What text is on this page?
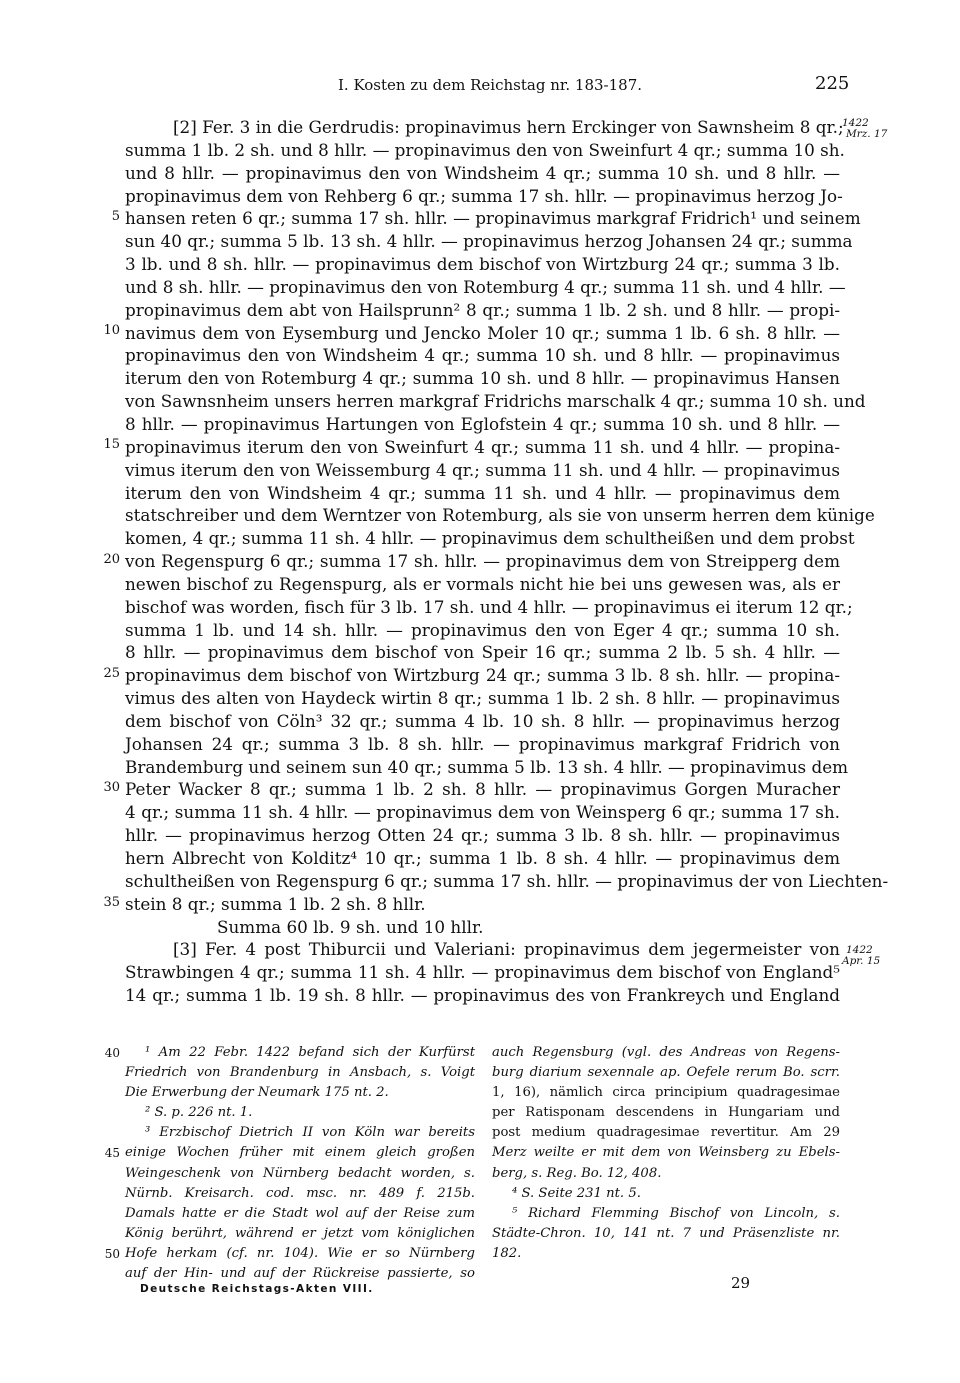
I. Kosten zu dem Reichstag nr. 183-187.	225
1422
Mrz. 17
1422
Apr. 15
5
10
15
20
25
30
35
[2] Fer. 3 in die Gerdrudis: propinavimus hern Erckinger von Sawnsheim 8 qr.;
summa 1 lb. 2 sh. und 8 hllr. — propinavimus den von Sweinfurt 4 qr.; summa 10 sh.
und 8 hllr. — propinavimus den von Windsheim 4 qr.; summa 10 sh. und 8 hllr. —
propinavimus dem von Rehberg 6 qr.; summa 17 sh. hllr. — propinavimus herzog Jo-
hansen reten 6 qr.; summa 17 sh. hllr. — propinavimus markgraf Fridrich¹ und seinem
sun 40 qr.; summa 5 lb. 13 sh. 4 hllr. — propinavimus herzog Johansen 24 qr.; summa
3 lb. und 8 sh. hllr. — propinavimus dem bischof von Wirtzburg 24 qr.; summa 3 lb.
und 8 sh. hllr. — propinavimus den von Rotemburg 4 qr.; summa 11 sh. und 4 hllr. —
propinavimus dem abt von Hailsprunn² 8 qr.; summa 1 lb. 2 sh. und 8 hllr. — propi-
navimus dem von Eysemburg und Jencko Moler 10 qr.; summa 1 lb. 6 sh. 8 hllr. —
propinavimus den von Windsheim 4 qr.; summa 10 sh. und 8 hllr. — propinavimus
iterum den von Rotemburg 4 qr.; summa 10 sh. und 8 hllr. — propinavimus Hansen
von Sawnsnheim unsers herren markgraf Fridrichs marschalk 4 qr.; summa 10 sh. und
8 hllr. — propinavimus Hartungen von Eglofstein 4 qr.; summa 10 sh. und 8 hllr. —
propinavimus iterum den von Sweinfurt 4 qr.; summa 11 sh. und 4 hllr. — propina-
vimus iterum den von Weissemburg 4 qr.; summa 11 sh. und 4 hllr. — propinavimus
iterum den von Windsheim 4 qr.; summa 11 sh. und 4 hllr. — propinavimus dem
statschreiber und dem Werntzer von Rotemburg, als sie von unserm herren dem künige
komen, 4 qr.; summa 11 sh. 4 hllr. — propinavimus dem schultheißen und dem probst
von Regenspurg 6 qr.; summa 17 sh. hllr. — propinavimus dem von Streipperg dem
newen bischof zu Regenspurg, als er vormals nicht hie bei uns gewesen was, als er
bischof was worden, fisch für 3 lb. 17 sh. und 4 hllr. — propinavimus ei iterum 12 qr.;
summa 1 lb. und 14 sh. hllr. — propinavimus den von Eger 4 qr.; summa 10 sh.
8 hllr. — propinavimus dem bischof von Speir 16 qr.; summa 2 lb. 5 sh. 4 hllr. —
propinavimus dem bischof von Wirtzburg 24 qr.; summa 3 lb. 8 sh. hllr. — propina-
vimus des alten von Haydeck wirtin 8 qr.; summa 1 lb. 2 sh. 8 hllr. — propinavimus
dem bischof von Cöln³ 32 qr.; summa 4 lb. 10 sh. 8 hllr. — propinavimus herzog
Johansen 24 qr.; summa 3 lb. 8 sh. hllr. — propinavimus markgraf Fridrich von
Brandemburg und seinem sun 40 qr.; summa 5 lb. 13 sh. 4 hllr. — propinavimus dem
Peter Wacker 8 qr.; summa 1 lb. 2 sh. 8 hllr. — propinavimus Gorgen Muracher
4 qr.; summa 11 sh. 4 hllr. — propinavimus dem von Weinsperg 6 qr.; summa 17 sh.
hllr. — propinavimus herzog Otten 24 qr.; summa 3 lb. 8 sh. hllr. — propinavimus
hern Albrecht von Kolditz⁴ 10 qr.; summa 1 lb. 8 sh. 4 hllr. — propinavimus dem
schultheißen von Regenspurg 6 qr.; summa 17 sh. hllr. — propinavimus der von Liechten-
stein 8 qr.; summa 1 lb. 2 sh. 8 hllr.
Summa 60 lb. 9 sh. und 10 hllr.
[3] Fer. 4 post Thiburcii und Valeriani: propinavimus dem jegermeister von
Strawbingen 4 qr.; summa 11 sh. 4 hllr. — propinavimus dem bischof von England⁵
14 qr.; summa 1 lb. 19 sh. 8 hllr. — propinavimus des von Frankreych und England
40
45
50
¹ Am 22 Febr. 1422 befand sich der Kurfürst
Friedrich von Brandenburg in Ansbach, s. Voigt
Die Erwerbung der Neumark 175 nt. 2.
² S. p. 226 nt. 1.
³ Erzbischof Dietrich II von Köln war bereits
einige Wochen früher mit einem gleich großen
Weingeschenk von Nürnberg bedacht worden, s.
Nürnb. Kreisarch. cod. msc. nr. 489 f. 215b.
Damals hatte er die Stadt wol auf der Reise zum
König berührt, während er jetzt vom königlichen
Hofe herkam (cf. nr. 104). Wie er so Nürnberg
auf der Hin- und auf der Rückreise passierte, so
auch Regensburg (vgl. des Andreas von Regens-
burg diarium sexennale ap. Oefele rerum Bo. scrr.
1, 16), nämlich circa principium quadragesimae
per Ratisponam descendens in Hungariam und
post medium quadragesimae revertitur. Am 29
Merz weilte er mit dem von Weinsberg zu Ebels-
berg, s. Reg. Bo. 12, 408.
⁴ S. Seite 231 nt. 5.
⁵ Richard Flemming Bischof von Lincoln, s.
Städte-Chron. 10, 141 nt. 7 und Präsenzliste nr.
182.
Deutsche Reichstags-Akten VIII.	29
